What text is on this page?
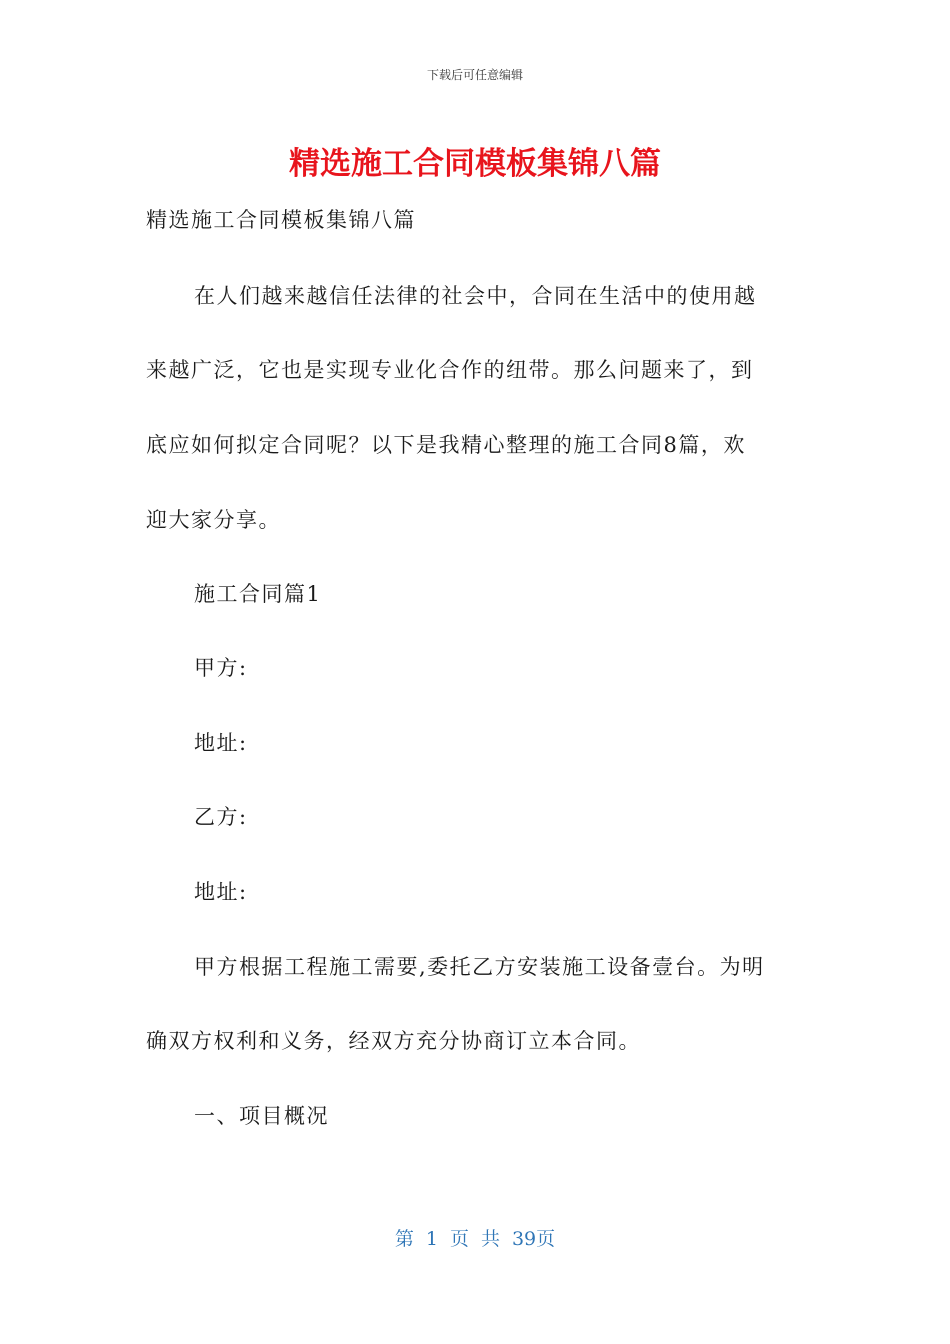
下载后可任意编辑
精选施工合同模板集锦八篇

精选施工合同模板集锦八篇

在人们越来越信任法律的社会中，合同在生活中的使用越

来越广泛，它也是实现专业化合作的纽带。那么问题来了，到

底应如何拟定合同呢？以下是我精心整理的施工合同8篇，欢

迎大家分享。

施工合同篇1

甲方:

地址:

乙方:

地址:

甲方根据工程施工需要,委托乙方安装施工设备壹台。为明

确双方权利和义务，经双方充分协商订立本合同。

一、项目概况

第 1 页 共 39页
